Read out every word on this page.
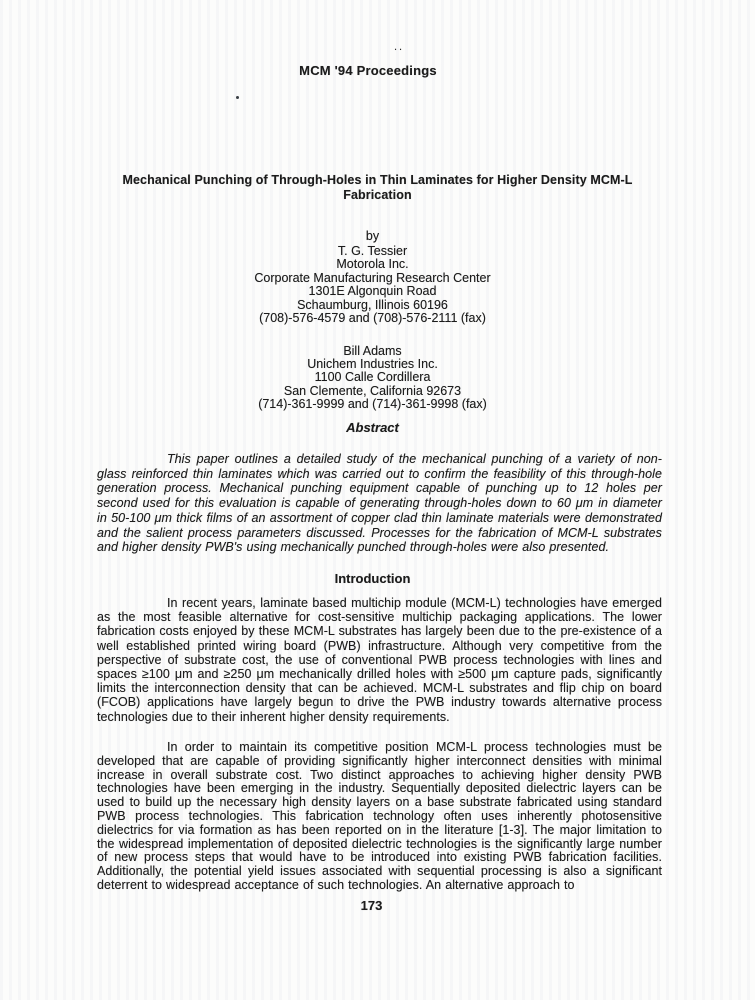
..
MCM '94 Proceedings
Mechanical Punching of Through-Holes in Thin Laminates for Higher Density MCM-L Fabrication
by
T. G. Tessier
Motorola Inc.
Corporate Manufacturing Research Center
1301E Algonquin Road
Schaumburg, Illinois 60196
(708)-576-4579 and (708)-576-2111 (fax)
Bill Adams
Unichem Industries Inc.
1100 Calle Cordillera
San Clemente, California 92673
(714)-361-9999 and (714)-361-9998 (fax)
Abstract

This paper outlines a detailed study of the mechanical punching of a variety of non-glass reinforced thin laminates which was carried out to confirm the feasibility of this through-hole generation process. Mechanical punching equipment capable of punching up to 12 holes per second used for this evaluation is capable of generating through-holes down to 60 μm in diameter in 50-100 μm thick films of an assortment of copper clad thin laminate materials were demonstrated and the salient process parameters discussed. Processes for the fabrication of MCM-L substrates and higher density PWB's using mechanically punched through-holes were also presented.

Introduction

In recent years, laminate based multichip module (MCM-L) technologies have emerged as the most feasible alternative for cost-sensitive multichip packaging applications. The lower fabrication costs enjoyed by these MCM-L substrates has largely been due to the pre-existence of a well established printed wiring board (PWB) infrastructure. Although very competitive from the perspective of substrate cost, the use of conventional PWB process technologies with lines and spaces ≥100 μm and ≥250 μm mechanically drilled holes with ≥500 μm capture pads, significantly limits the interconnection density that can be achieved. MCM-L substrates and flip chip on board (FCOB) applications have largely begun to drive the PWB industry towards alternative process technologies due to their inherent higher density requirements.

In order to maintain its competitive position MCM-L process technologies must be developed that are capable of providing significantly higher interconnect densities with minimal increase in overall substrate cost. Two distinct approaches to achieving higher density PWB technologies have been emerging in the industry. Sequentially deposited dielectric layers can be used to build up the necessary high density layers on a base substrate fabricated using standard PWB process technologies. This fabrication technology often uses inherently photosensitive dielectrics for via formation as has been reported on in the literature [1-3]. The major limitation to the widespread implementation of deposited dielectric technologies is the significantly large number of new process steps that would have to be introduced into existing PWB fabrication facilities. Additionally, the potential yield issues associated with sequential processing is also a significant deterrent to widespread acceptance of such technologies. An alternative approach to

173
